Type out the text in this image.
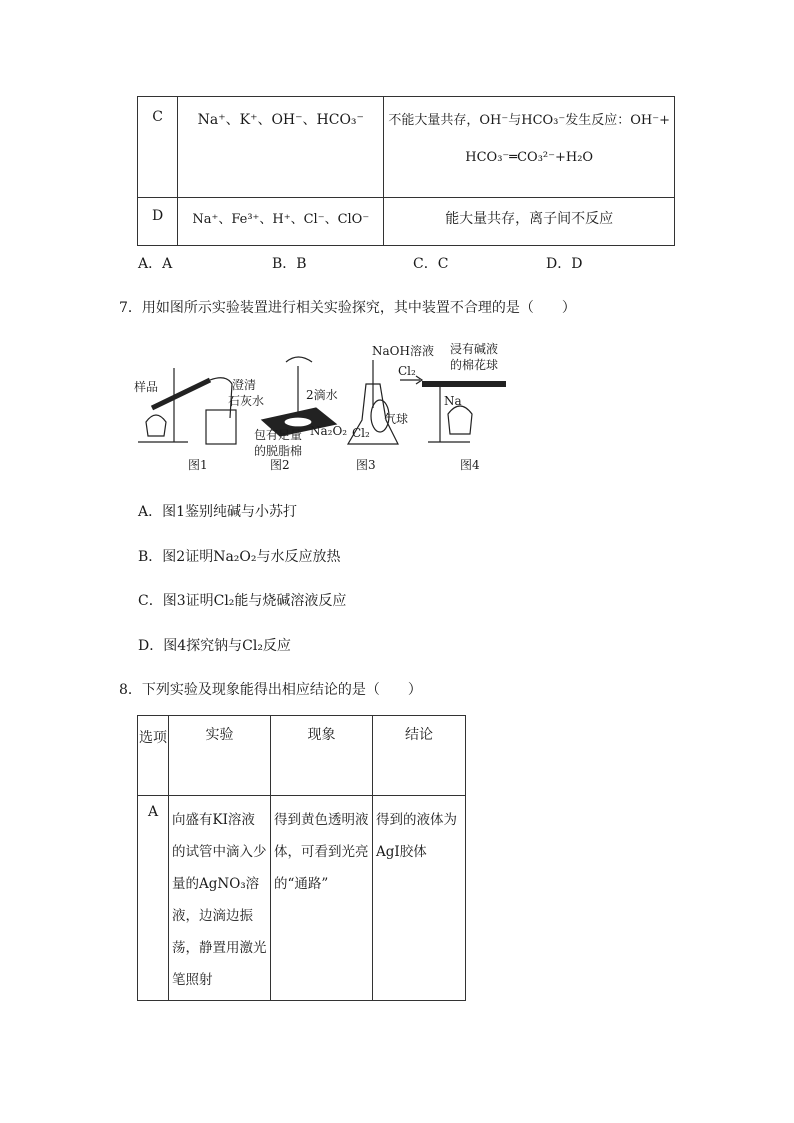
C	Na⁺、K⁺、OH⁻、HCO₃⁻	不能大量共存，OH⁻与HCO₃⁻发生反应：OH⁻+
HCO₃⁻═CO₃²⁻+H₂O

D	Na⁺、Fe³⁺、H⁺、Cl⁻、ClO⁻	能大量共存，离子间不反应
A．A	B．B	C．C	D．D
7．用如图所示实验装置进行相关实验探究，其中装置不合理的是（　　）
样品	澄清
石灰水	2滴水
包有足量
的脱脂棉
Na₂O₂
NaOH溶液
气球
Cl₂
浸有碱液
的棉花球
Cl₂
Na
图1	图2	图3	图4
A．图1鉴别纯碱与小苏打
B．图2证明Na₂O₂与水反应放热
C．图3证明Cl₂能与烧碱溶液反应
D．图4探究钠与Cl₂反应
8．下列实验及现象能得出相应结论的是（　　）
选项	实验	现象	结论
A	向盛有KI溶液的试管中滴入少量的AgNO₃溶液，边滴边振荡，静置用激光笔照射	得到黄色透明液体，可看到光亮的“通路”	得到的液体为AgI胶体
